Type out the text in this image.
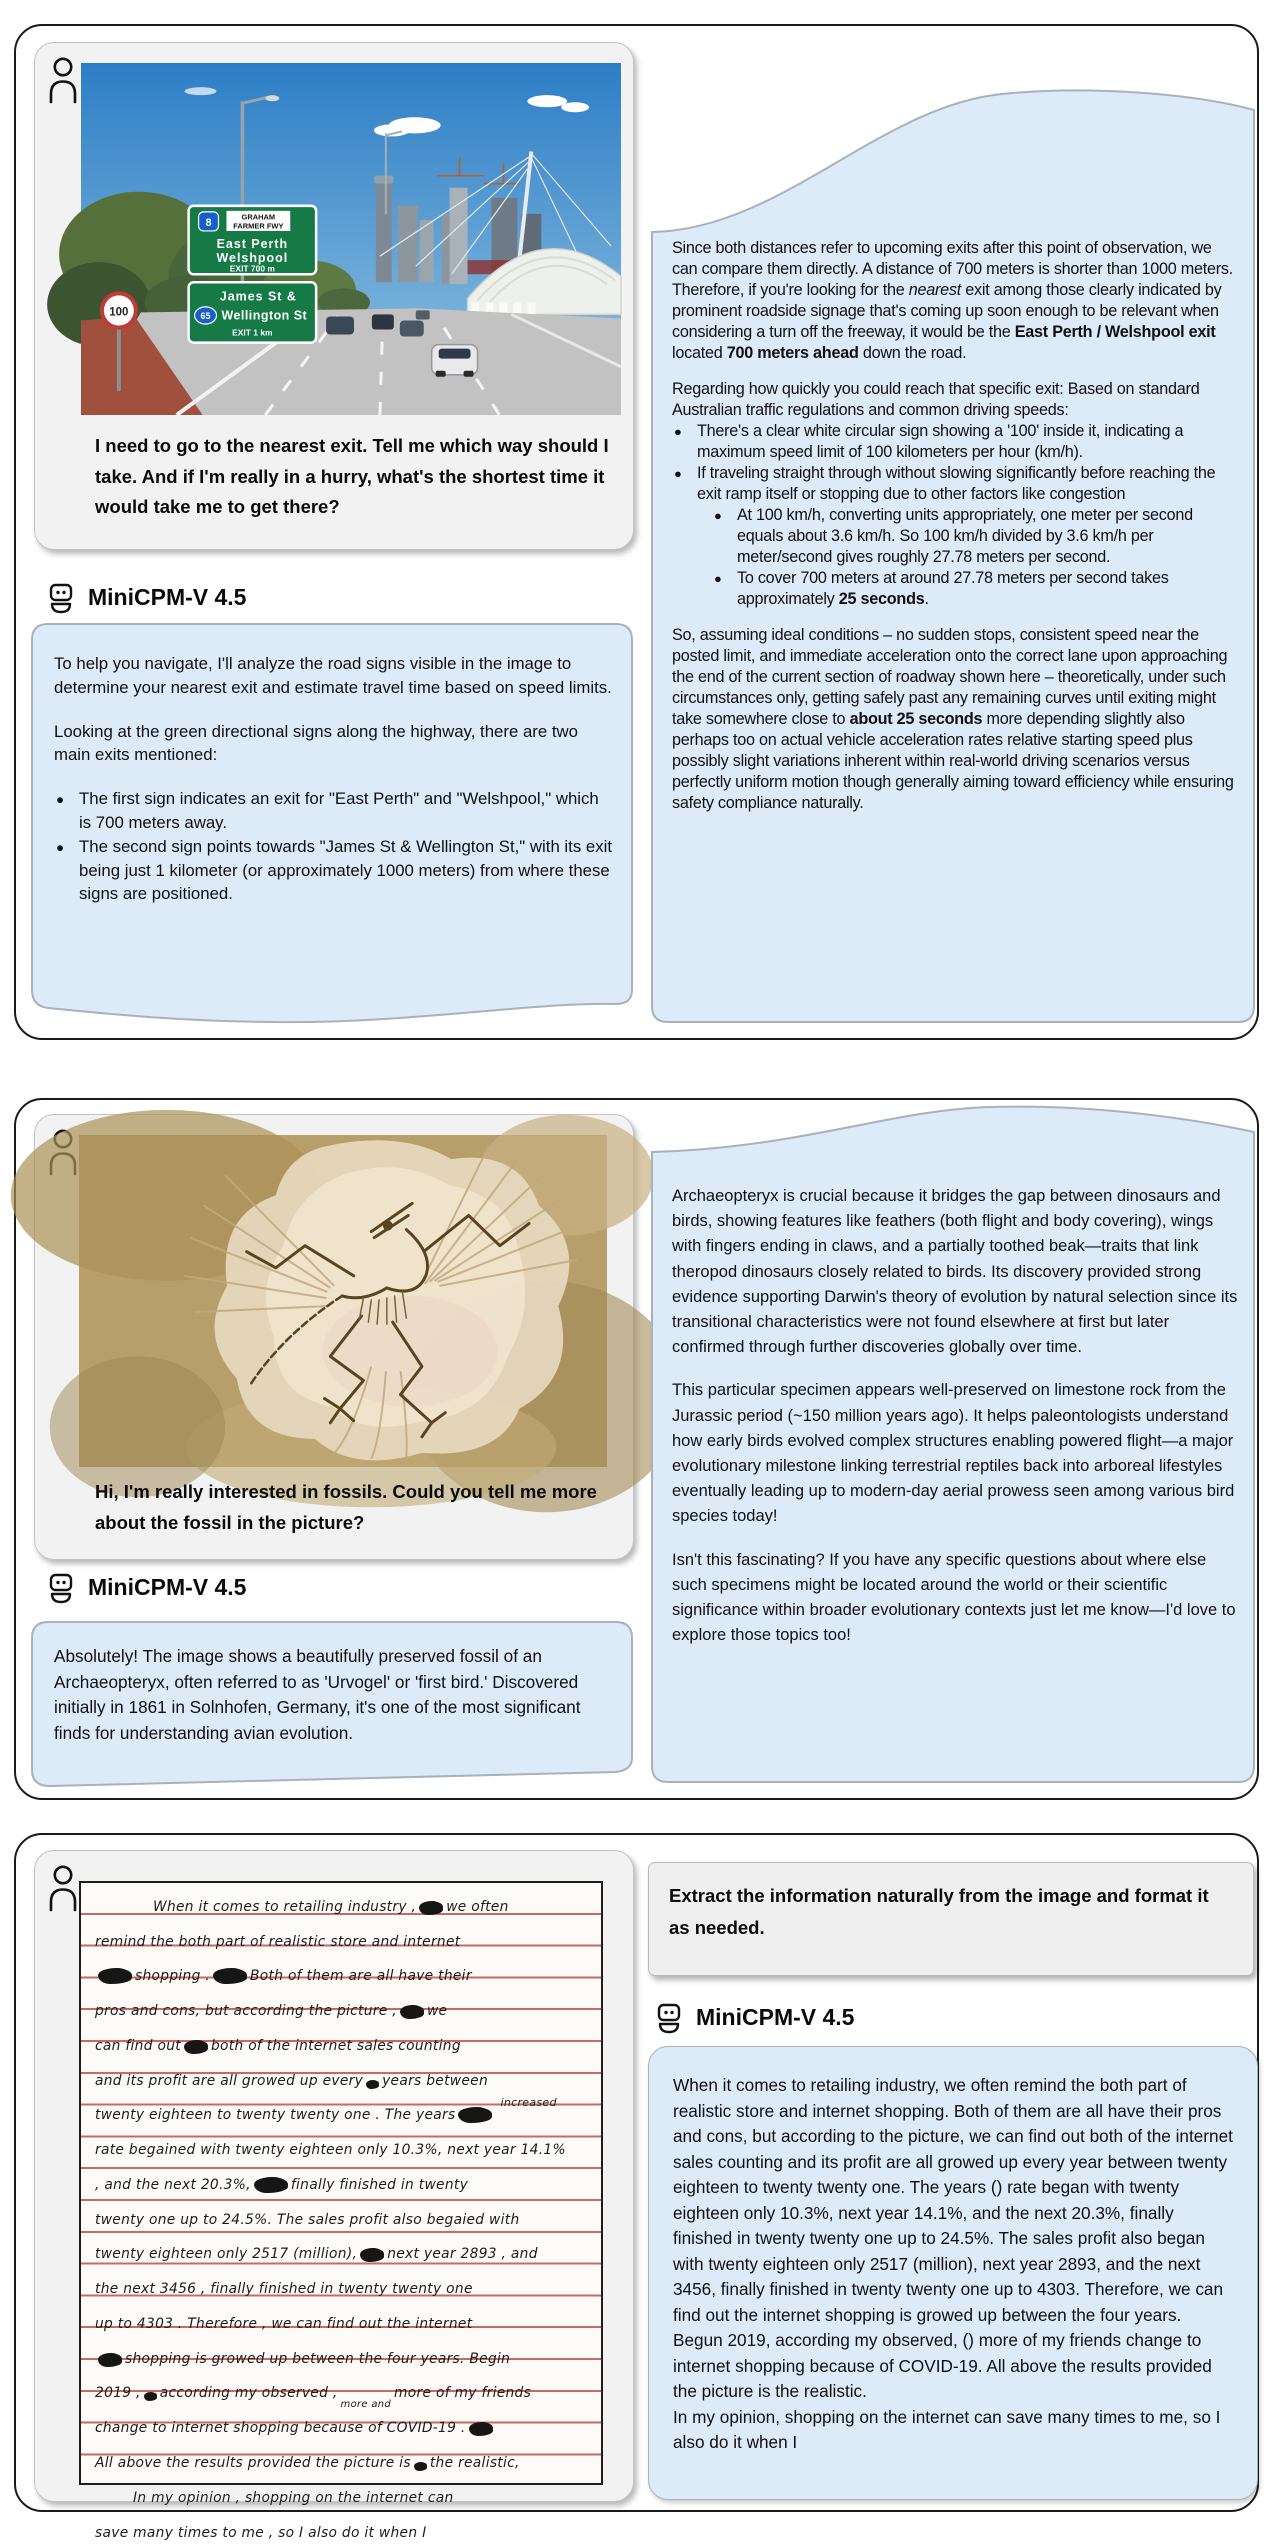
GRAHAM
FARMER FWY
8
East Perth
Welshpool
EXIT 700 m
James St &
65 Wellington St
EXIT 1 km
100
I need to go to the nearest exit. Tell me which way should I take. And if I'm really in a hurry, what's the shortest time it would take me to get there?
MiniCPM-V 4.5
To help you navigate, I'll analyze the road signs visible in the image to determine your nearest exit and estimate travel time based on speed limits.
Looking at the green directional signs along the highway, there are two main exits mentioned:
● The first sign indicates an exit for "East Perth" and "Welshpool," which is 700 meters away.
● The second sign points towards "James St & Wellington St," with its exit being just 1 kilometer (or approximately 1000 meters) from where these signs are positioned.
Since both distances refer to upcoming exits after this point of observation, we can compare them directly. A distance of 700 meters is shorter than 1000 meters. Therefore, if you're looking for the nearest exit among those clearly indicated by prominent roadside signage that's coming up soon enough to be relevant when considering a turn off the freeway, it would be the East Perth / Welshpool exit located 700 meters ahead down the road.
Regarding how quickly you could reach that specific exit: Based on standard Australian traffic regulations and common driving speeds:
● There's a clear white circular sign showing a '100' inside it, indicating a maximum speed limit of 100 kilometers per hour (km/h).
● If traveling straight through without slowing significantly before reaching the exit ramp itself or stopping due to other factors like congestion
● At 100 km/h, converting units appropriately, one meter per second equals about 3.6 km/h. So 100 km/h divided by 3.6 km/h per meter/second gives roughly 27.78 meters per second.
● To cover 700 meters at around 27.78 meters per second takes approximately 25 seconds.
So, assuming ideal conditions – no sudden stops, consistent speed near the posted limit, and immediate acceleration onto the correct lane upon approaching the end of the current section of roadway shown here – theoretically, under such circumstances only, getting safely past any remaining curves until exiting might take somewhere close to about 25 seconds more depending slightly also perhaps too on actual vehicle acceleration rates relative starting speed plus possibly slight variations inherent within real-world driving scenarios versus perfectly uniform motion though generally aiming toward efficiency while ensuring safety compliance naturally.
Hi, I'm really interested in fossils. Could you tell me more about the fossil in the picture?
MiniCPM-V 4.5
Absolutely! The image shows a beautifully preserved fossil of an Archaeopteryx, often referred to as 'Urvogel' or 'first bird.' Discovered initially in 1861 in Solnhofen, Germany, it's one of the most significant finds for understanding avian evolution.
Archaeopteryx is crucial because it bridges the gap between dinosaurs and birds, showing features like feathers (both flight and body covering), wings with fingers ending in claws, and a partially toothed beak—traits that link theropod dinosaurs closely related to birds. Its discovery provided strong evidence supporting Darwin's theory of evolution by natural selection since its transitional characteristics were not found elsewhere at first but later confirmed through further discoveries globally over time.
This particular specimen appears well-preserved on limestone rock from the Jurassic period (~150 million years ago). It helps paleontologists understand how early birds evolved complex structures enabling powered flight—a major evolutionary milestone linking terrestrial reptiles back into arboreal lifestyles eventually leading up to modern-day aerial prowess seen among various bird species today!
Isn't this fascinating? If you have any specific questions about where else such specimens might be located around the world or their scientific significance within broader evolutionary contexts just let me know—I'd love to explore those topics too!
When it comes to retailing industry , we often
remind the both part of realistic store and internet
shopping .	Both of them are all have their
pros and cons, but according the picture , we
can find out both of the internet sales counting
and its profit are all growed up every years between
twenty eighteen to twenty twenty one . The years
increased
rate begained with twenty eighteen only 10.3%, next year 14.1%
, and the next 20.3%,	finally finished in twenty
twenty one up to 24.5%. The sales profit also begaied with
twenty eighteen only 2517 (million), next year 2893 , and
the next 3456 , finally finished in twenty twenty one
up to 4303 . Therefore , we can find out the internet
shopping is growed up between the four years. Begin
2019 , according my observed ,
more and
more of my friends
change to internet shopping because of COVID-19 .
All above the results provided the picture is the realistic,
In my opinion , shopping on the internet can
save many times to me , so I also do it when I
Extract the information naturally from the image and format it as needed.
MiniCPM-V 4.5
When it comes to retailing industry, we often remind the both part of realistic store and internet shopping. Both of them are all have their pros and cons, but according to the picture, we can find out both of the internet sales counting and its profit are all growed up every year between twenty eighteen to twenty twenty one. The years () rate began with twenty eighteen only 10.3%, next year 14.1%, and the next 20.3%, finally finished in twenty twenty one up to 24.5%. The sales profit also began with twenty eighteen only 2517 (million), next year 2893, and the next 3456, finally finished in twenty twenty one up to 4303. Therefore, we can find out the internet shopping is growed up between the four years. Begun 2019, according my observed, () more of my friends change to internet shopping because of COVID-19. All above the results provided the picture is the realistic.
In my opinion, shopping on the internet can save many times to me, so I also do it when I
